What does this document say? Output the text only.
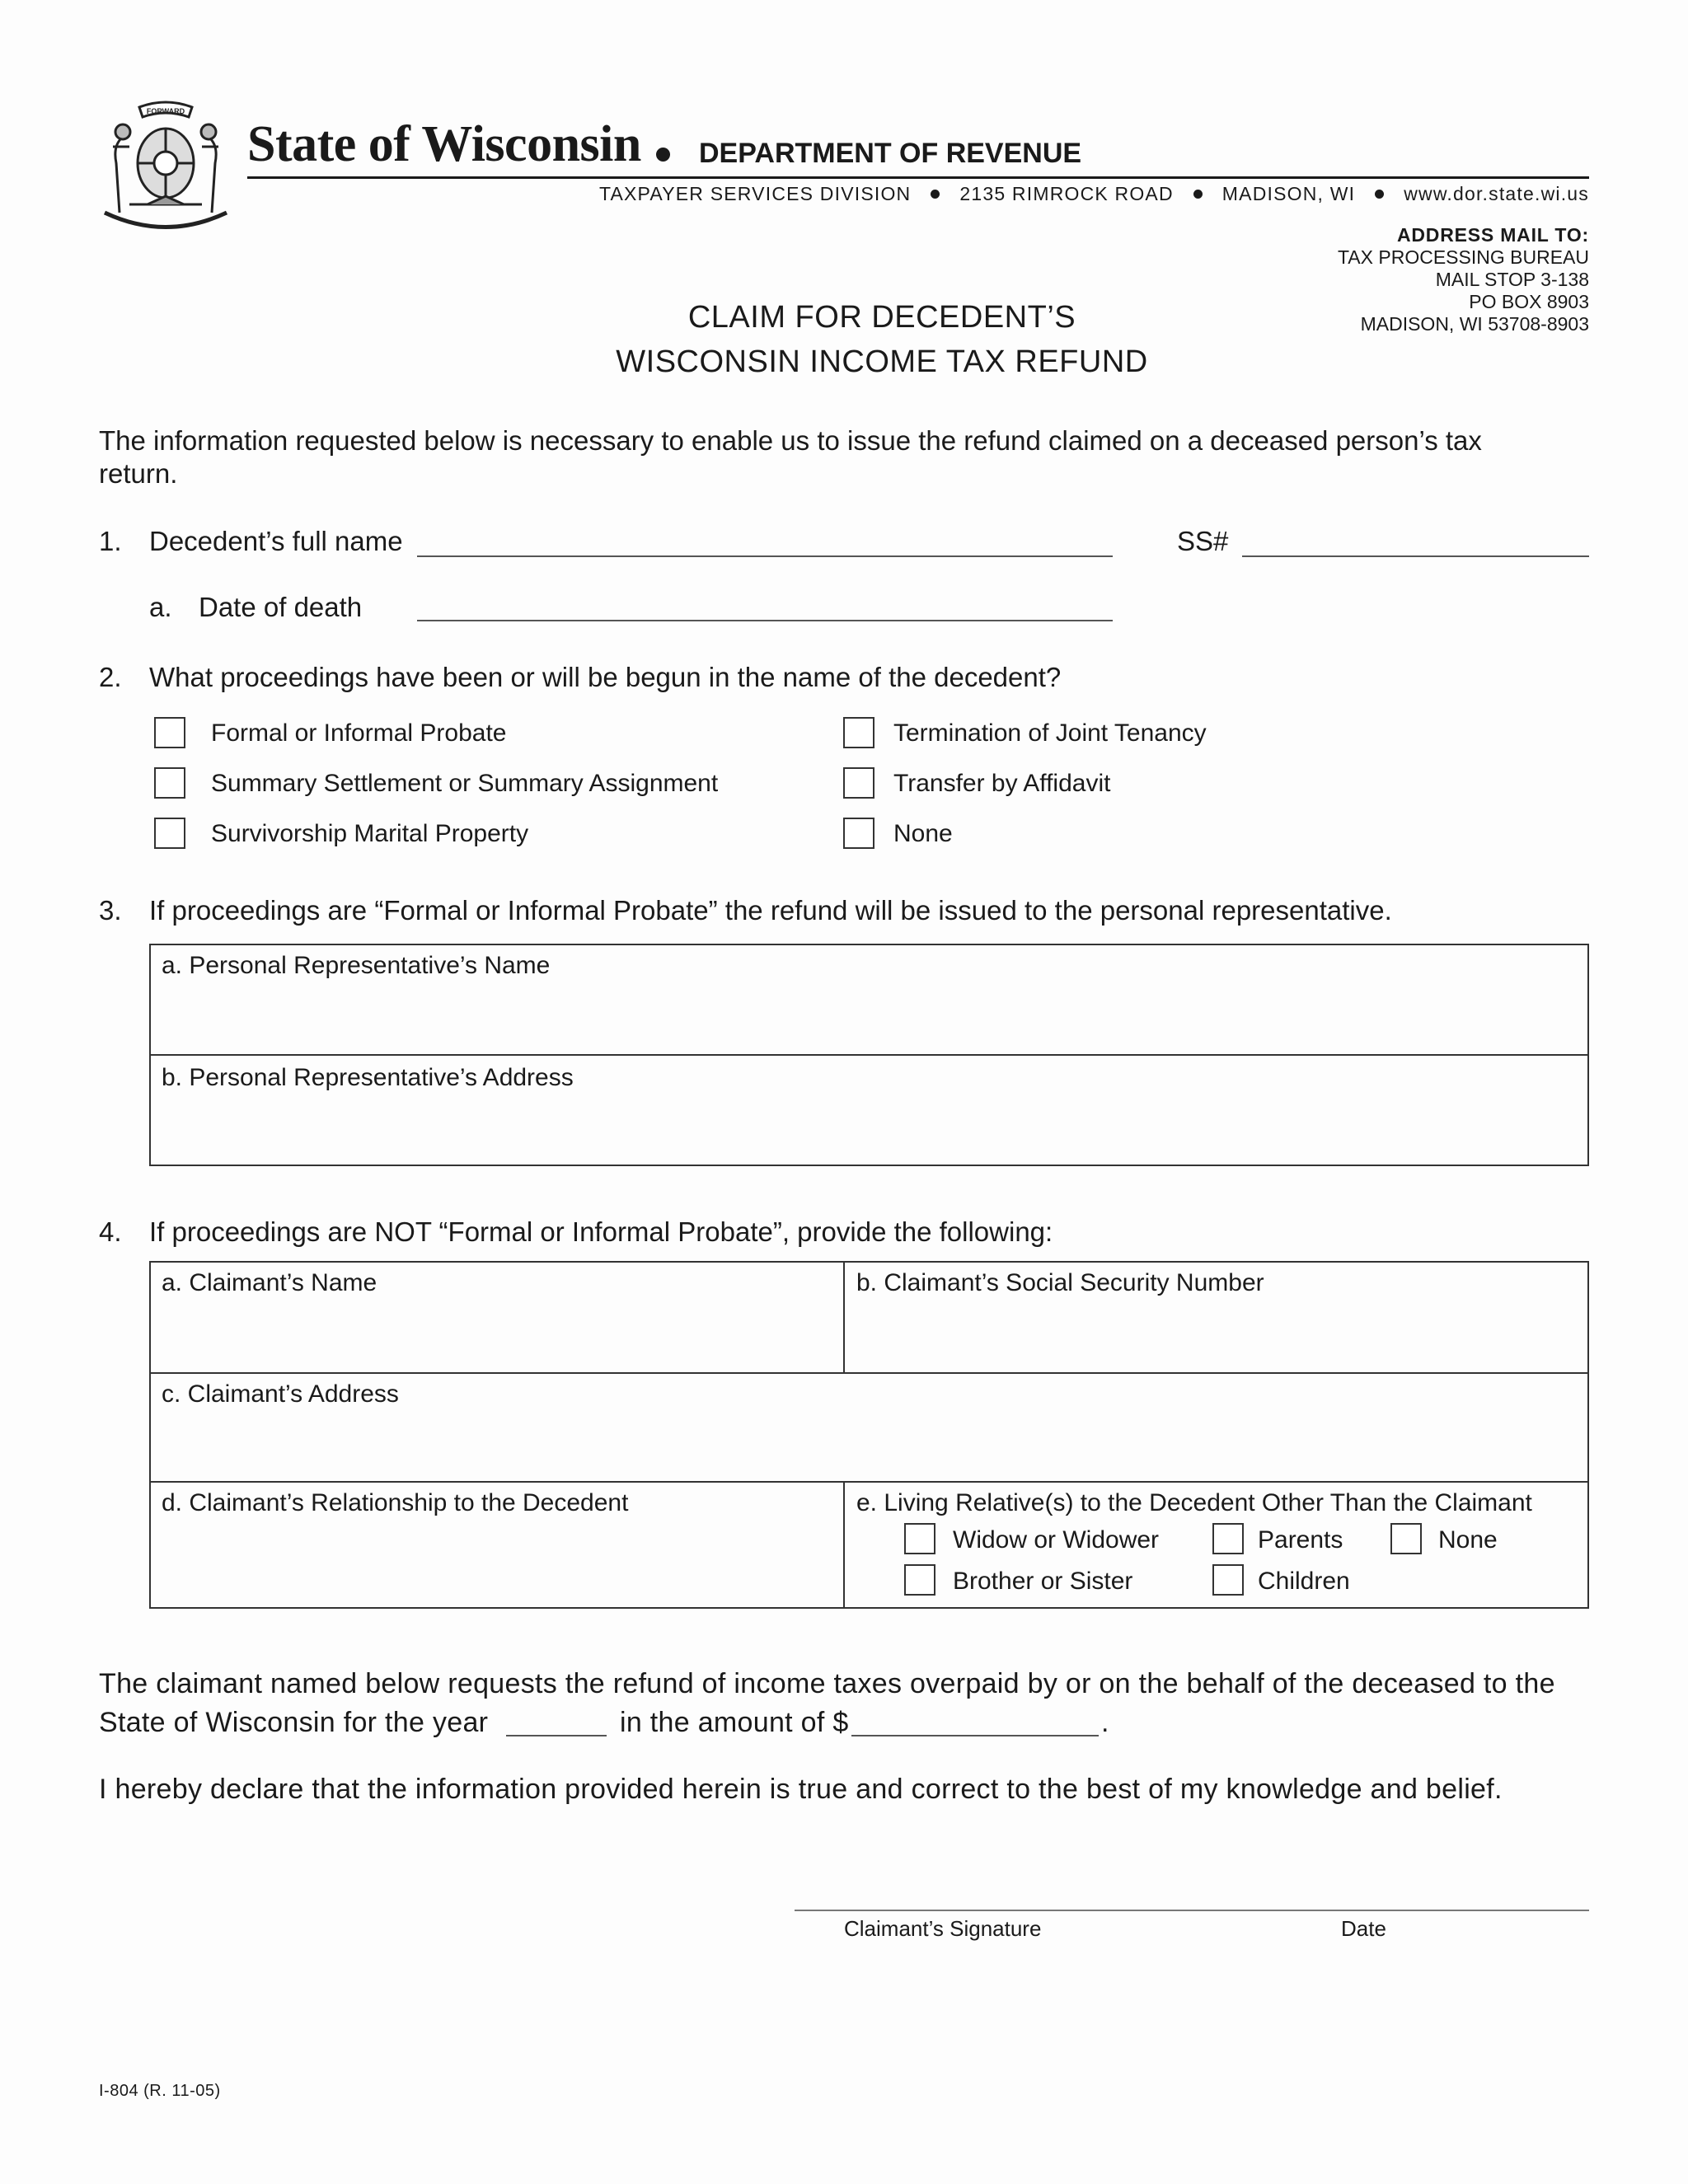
FORWARD
State of Wisconsin DEPARTMENT OF REVENUE
TAXPAYER SERVICES DIVISION	2135 RIMROCK ROAD	MADISON, WI	www.dor.state.wi.us
ADDRESS MAIL TO:
TAX PROCESSING BUREAU
MAIL STOP 3-138
PO BOX 8903
MADISON, WI 53708-8903
CLAIM FOR DECEDENT’S
WISCONSIN INCOME TAX REFUND
The information requested below is necessary to enable us to issue the refund claimed on a deceased person’s tax return.
1. Decedent’s full name	SS#
a. Date of death
2. What proceedings have been or will be begun in the name of the decedent?
Formal or Informal Probate
Summary Settlement or Summary Assignment
Survivorship Marital Property
Termination of Joint Tenancy
Transfer by Affidavit
None
3. If proceedings are “Formal or Informal Probate” the refund will be issued to the personal representative.
a. Personal Representative’s Name
b. Personal Representative’s Address
4. If proceedings are NOT “Formal or Informal Probate”, provide the following:
a. Claimant’s Name	b. Claimant’s Social Security Number
c. Claimant’s Address
d. Claimant’s Relationship to the Decedent	e. Living Relative(s) to the Decedent Other Than the Claimant
Widow or Widower	Parents	None
Brother or Sister	Children
The claimant named below requests the refund of income taxes overpaid by or on the behalf of the deceased to the
State of Wisconsin for the year	in the amount of $	.
I hereby declare that the information provided herein is true and correct to the best of my knowledge and belief.
Claimant’s Signature	Date
I-804 (R. 11-05)
